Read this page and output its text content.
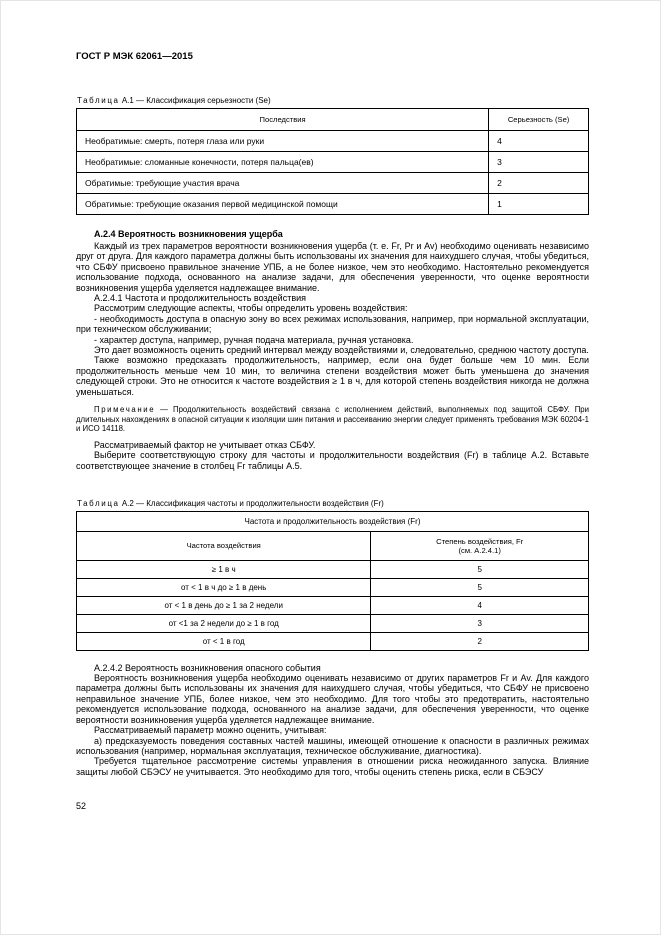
ГОСТ Р МЭК 62061—2015

Таблица А.1 — Классификация серьезности (Se)

Последствия	Серьезность (Se)
Необратимые: смерть, потеря глаза или руки	4
Необратимые: сломанные конечности, потеря пальца(ев)	3
Обратимые: требующие участия врача	2
Обратимые: требующие оказания первой медицинской помощи	1

А.2.4 Вероятность возникновения ущерба

Каждый из трех параметров вероятности возникновения ущерба (т. е. Fr, Pr и Av) необходимо оценивать независимо друг от друга. Для каждого параметра должны быть использованы их значения для наихудшего случая, чтобы убедиться, что СБФУ присвоено правильное значение УПБ, а не более низкое, чем это необходимо. Настоятельно рекомендуется использование подхода, основанного на анализе задачи, для обеспечения уверенности, что оценке вероятности возникновения ущерба уделяется надлежащее внимание.

А.2.4.1 Частота и продолжительность воздействия

Рассмотрим следующие аспекты, чтобы определить уровень воздействия:

- необходимость доступа в опасную зону во всех режимах использования, например, при нормальной эксплуатации, при техническом обслуживании;

- характер доступа, например, ручная подача материала, ручная установка.

Это дает возможность оценить средний интервал между воздействиями и, следовательно, среднюю частоту доступа.

Также возможно предсказать продолжительность, например, если она будет больше чем 10 мин. Если продолжительность меньше чем 10 мин, то величина степени воздействия может быть уменьшена до значения следующей строки. Это не относится к частоте воздействия ≥ 1 в ч, для которой степень воздействия никогда не должна уменьшаться.

Примечание — Продолжительность воздействий связана с исполнением действий, выполняемых под защитой СБФУ. При длительных нахождениях в опасной ситуации к изоляции шин питания и рассеиванию энергии следует применять требования МЭК 60204-1 и ИСО 14118.

Рассматриваемый фактор не учитывает отказ СБФУ.

Выберите соответствующую строку для частоты и продолжительности воздействия (Fr) в таблице А.2. Вставьте соответствующее значение в столбец Fr таблицы А.5.

Таблица А.2 — Классификация частоты и продолжительности воздействия (Fr)

Частота и продолжительность воздействия (Fr)	
Частота воздействия	Степень воздействия, Fr
(см. А.2.4.1)

≥ 1 в ч	5
от < 1 в ч до ≥ 1 в день	5
от < 1 в день до ≥ 1 за 2 недели	4
от <1 за 2 недели до ≥ 1 в год	3
от < 1 в год	2

А.2.4.2 Вероятность возникновения опасного события

Вероятность возникновения ущерба необходимо оценивать независимо от других параметров Fr и Av. Для каждого параметра должны быть использованы их значения для наихудшего случая, чтобы убедиться, что СБФУ не присвоено неправильное значение УПБ, более низкое, чем это необходимо. Для того чтобы это предотвратить, настоятельно рекомендуется использование подхода, основанного на анализе задачи, для обеспечения уверенности, что оценке вероятности возникновения ущерба уделяется надлежащее внимание.

Рассматриваемый параметр можно оценить, учитывая:

а) предсказуемость поведения составных частей машины, имеющей отношение к опасности в различных режимах использования (например, нормальная эксплуатация, техническое обслуживание, диагностика).

Требуется тщательное рассмотрение системы управления в отношении риска неожиданного запуска. Влияние защиты любой СБЭСУ не учитывается. Это необходимо для того, чтобы оценить степень риска, если в СБЭСУ

52
